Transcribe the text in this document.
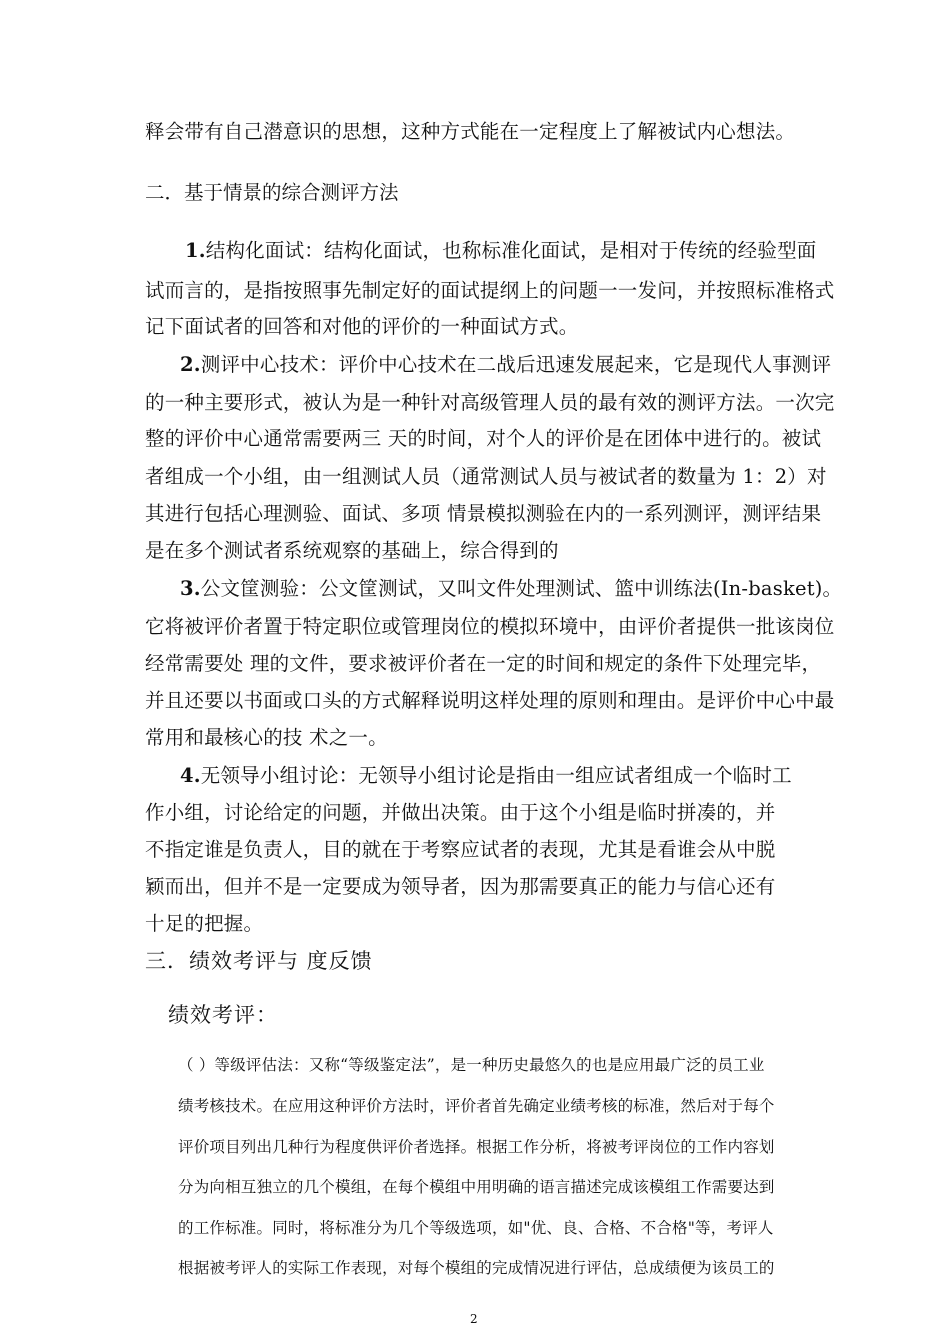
释会带有自己潜意识的思想，这种方式能在一定程度上了解被试内心想法。
二．基于情景的综合测评方法
1.结构化面试：结构化面试，也称标准化面试，是相对于传统的经验型面
试而言的，是指按照事先制定好的面试提纲上的问题一一发问，并按照标准格式
记下面试者的回答和对他的评价的一种面试方式。
2.测评中心技术：评价中心技术在二战后迅速发展起来，它是现代人事测评
的一种主要形式，被认为是一种针对高级管理人员的最有效的测评方法。一次完
整的评价中心通常需要两三 天的时间，对个人的评价是在团体中进行的。被试
者组成一个小组，由一组测试人员（通常测试人员与被试者的数量为 1：2）对
其进行包括心理测验、面试、多项 情景模拟测验在内的一系列测评，测评结果
是在多个测试者系统观察的基础上，综合得到的
3.公文筐测验：公文筐测试，又叫文件处理测试、篮中训练法(In-basket)。
它将被评价者置于特定职位或管理岗位的模拟环境中，由评价者提供一批该岗位
经常需要处 理的文件，要求被评价者在一定的时间和规定的条件下处理完毕，
并且还要以书面或口头的方式解释说明这样处理的原则和理由。是评价中心中最
常用和最核心的技 术之一。
4.无领导小组讨论：无领导小组讨论是指由一组应试者组成一个临时工
作小组，讨论给定的问题，并做出决策。由于这个小组是临时拼凑的，并
不指定谁是负责人，目的就在于考察应试者的表现，尤其是看谁会从中脱
颖而出，但并不是一定要成为领导者，因为那需要真正的能力与信心还有
十足的把握。
三．绩效考评与 度反馈
绩效考评：
（ ）等级评估法：又称“等级鉴定法”，是一种历史最悠久的也是应用最广泛的员工业
绩考核技术。在应用这种评价方法时，评价者首先确定业绩考核的标准，然后对于每个
评价项目列出几种行为程度供评价者选择。根据工作分析，将被考评岗位的工作内容划
分为向相互独立的几个模组，在每个模组中用明确的语言描述完成该模组工作需要达到
的工作标准。同时，将标准分为几个等级选项，如"优、良、合格、不合格"等，考评人
根据被考评人的实际工作表现，对每个模组的完成情况进行评估，总成绩便为该员工的
2
